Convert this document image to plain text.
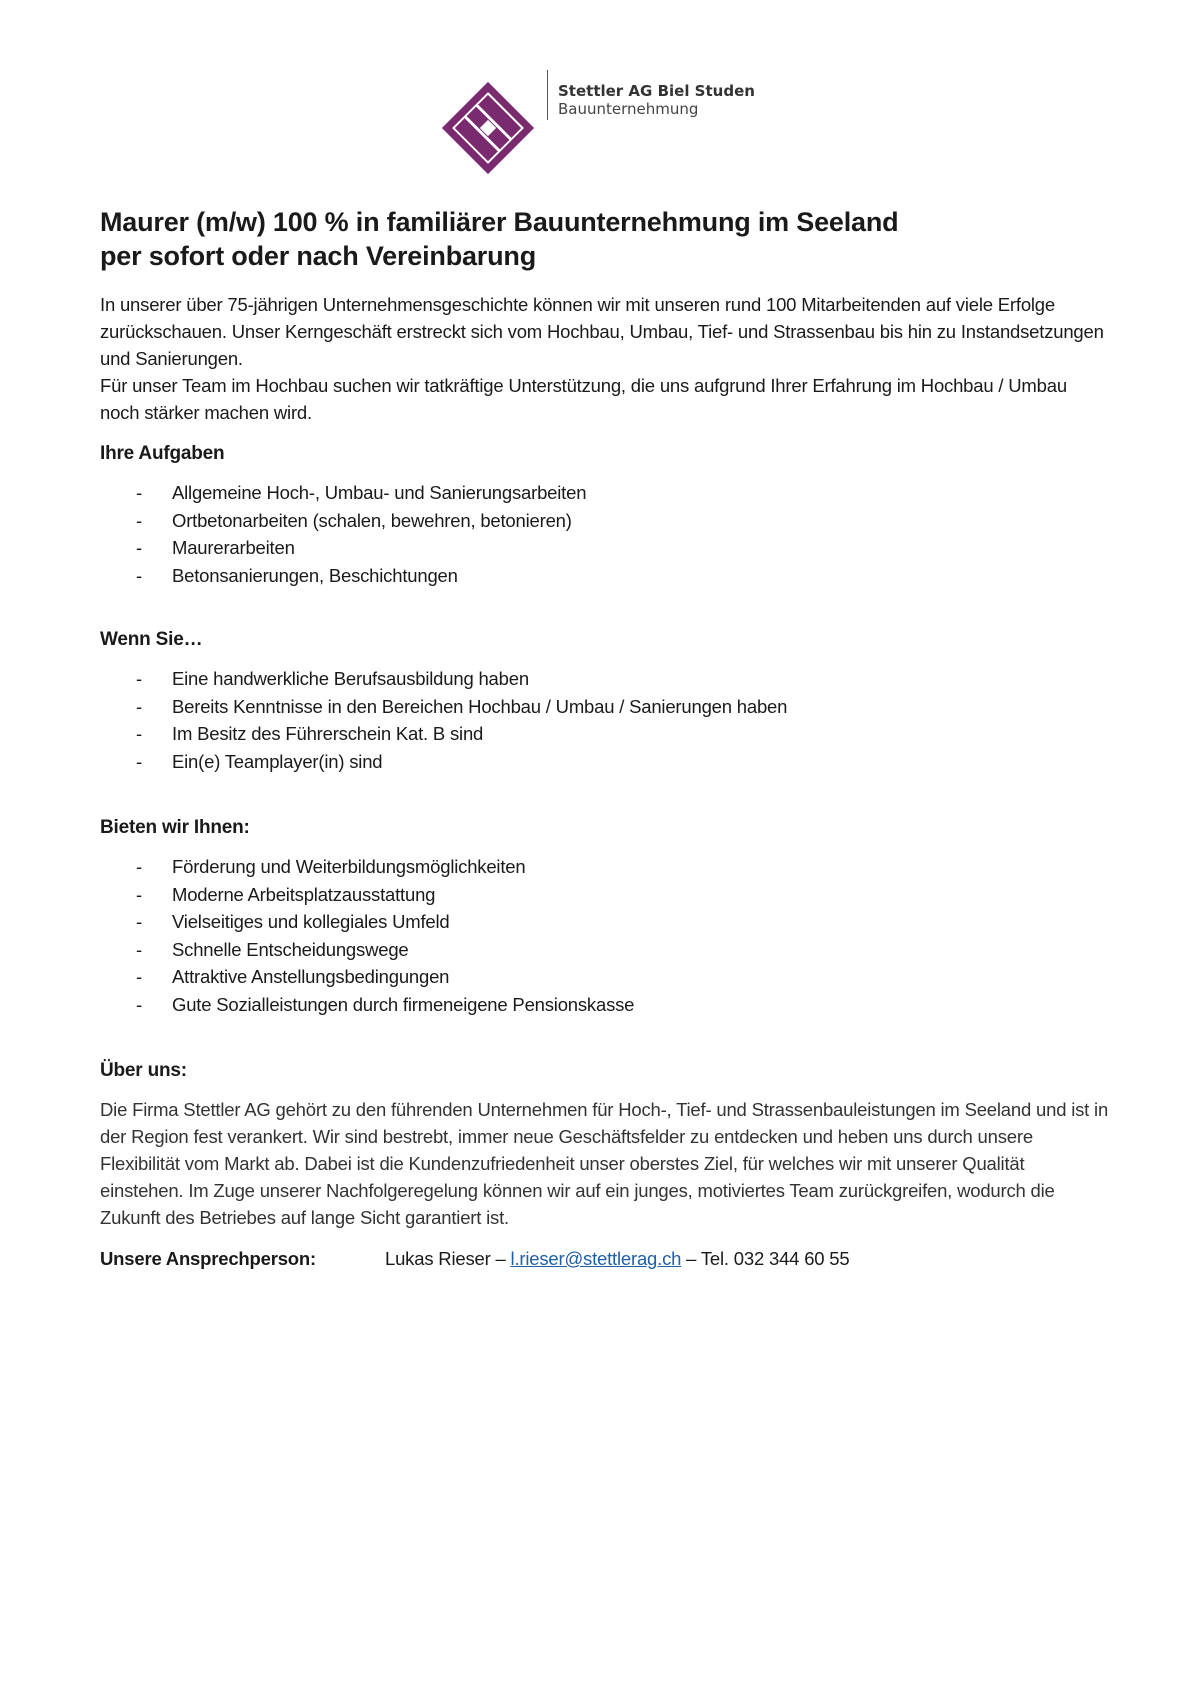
Stettler AG Biel Studen
Bauunternehmung
Maurer (m/w) 100 % in familiärer Bauunternehmung im Seeland
per sofort oder nach Vereinbarung

In unserer über 75-jährigen Unternehmensgeschichte können wir mit unseren rund 100 Mitarbeitenden auf viele Erfolge zurückschauen. Unser Kerngeschäft erstreckt sich vom Hochbau, Umbau, Tief- und Strassenbau bis hin zu Instandsetzungen und Sanierungen.

Für unser Team im Hochbau suchen wir tatkräftige Unterstützung, die uns aufgrund Ihrer Erfahrung im Hochbau / Umbau noch stärker machen wird.

Ihre Aufgaben
- Allgemeine Hoch-, Umbau- und Sanierungsarbeiten
- Ortbetonarbeiten (schalen, bewehren, betonieren)
- Maurerarbeiten
- Betonsanierungen, Beschichtungen
Wenn Sie…
- Eine handwerkliche Berufsausbildung haben
- Bereits Kenntnisse in den Bereichen Hochbau / Umbau / Sanierungen haben
- Im Besitz des Führerschein Kat. B sind
- Ein(e) Teamplayer(in) sind
Bieten wir Ihnen:
- Förderung und Weiterbildungsmöglichkeiten
- Moderne Arbeitsplatzausstattung
- Vielseitiges und kollegiales Umfeld
- Schnelle Entscheidungswege
- Attraktive Anstellungsbedingungen
- Gute Sozialleistungen durch firmeneigene Pensionskasse
Über uns:

Die Firma Stettler AG gehört zu den führenden Unternehmen für Hoch-, Tief- und Strassenbauleistungen im Seeland und ist in der Region fest verankert. Wir sind bestrebt, immer neue Geschäftsfelder zu entdecken und heben uns durch unsere Flexibilität vom Markt ab. Dabei ist die Kundenzufriedenheit unser oberstes Ziel, für welches wir mit unserer Qualität einstehen. Im Zuge unserer Nachfolgeregelung können wir auf ein junges, motiviertes Team zurückgreifen, wodurch die Zukunft des Betriebes auf lange Sicht garantiert ist.

Unsere Ansprechperson:	Lukas Rieser – l.rieser@stettlerag.ch – Tel. 032 344 60 55
